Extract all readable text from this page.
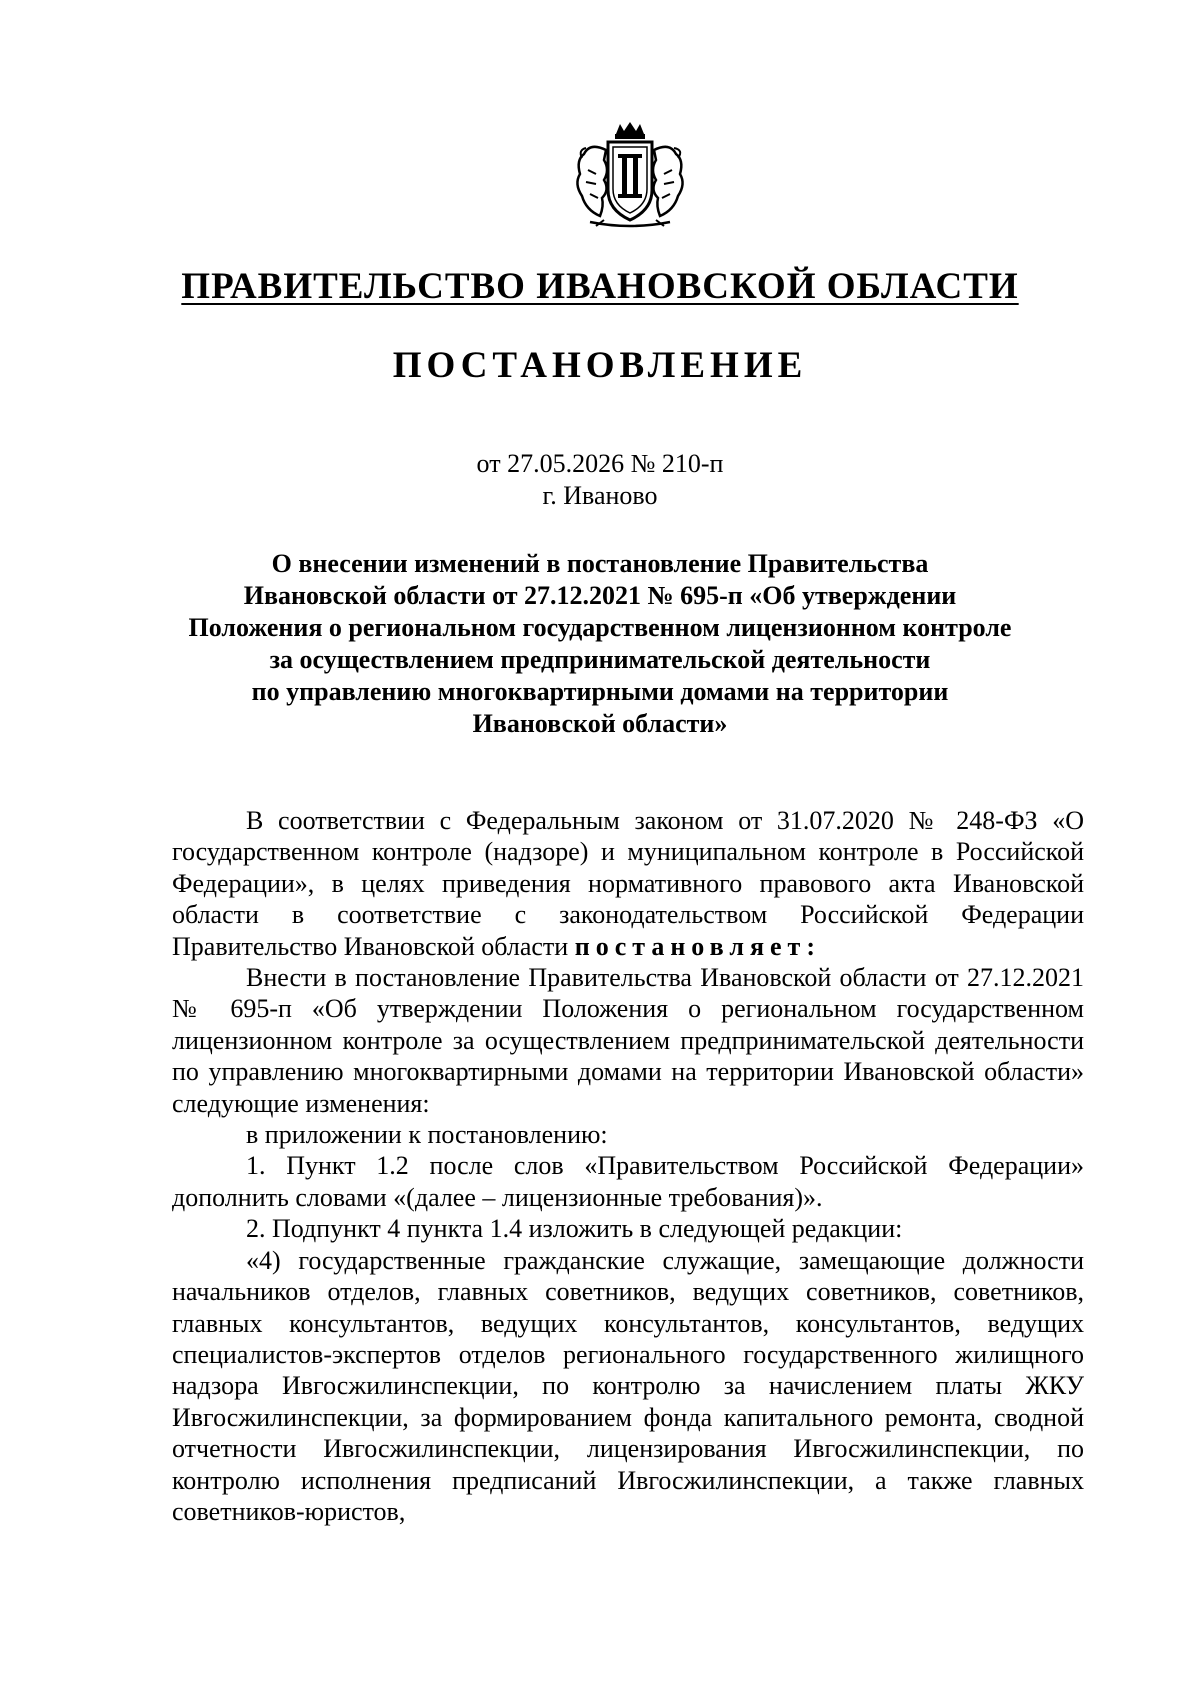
ПРАВИТЕЛЬСТВО ИВАНОВСКОЙ ОБЛАСТИ
ПОСТАНОВЛЕНИЕ
от 27.05.2026 № 210-п
г. Иваново
О внесении изменений в постановление Правительства
Ивановской области от 27.12.2021 № 695-п «Об утверждении
Положения о региональном государственном лицензионном контроле
за осуществлением предпринимательской деятельности
по управлению многоквартирными домами на территории
Ивановской области»

В соответствии с Федеральным законом от 31.07.2020 № 248-ФЗ «О государственном контроле (надзоре) и муниципальном контроле в Российской Федерации», в целях приведения нормативного правового акта Ивановской области в соответствие с законодательством Российской Федерации Правительство Ивановской области постановляет:

Внести в постановление Правительства Ивановской области от 27.12.2021 № 695-п «Об утверждении Положения о региональном государственном лицензионном контроле за осуществлением предпринимательской деятельности по управлению многоквартирными домами на территории Ивановской области» следующие изменения:

в приложении к постановлению:

1. Пункт 1.2 после слов «Правительством Российской Федерации» дополнить словами «(далее – лицензионные требования)».

2. Подпункт 4 пункта 1.4 изложить в следующей редакции:

«4) государственные гражданские служащие, замещающие должности начальников отделов, главных советников, ведущих советников, советников, главных консультантов, ведущих консультантов, консультантов, ведущих специалистов-экспертов отделов регионального государственного жилищного надзора Ивгосжилинспекции, по контролю за начислением платы ЖКУ Ивгосжилинспекции, за формированием фонда капитального ремонта, сводной отчетности Ивгосжилинспекции, лицензирования Ивгосжилинспекции, по контролю исполнения предписаний Ивгосжилинспекции, а также главных советников-юристов,
